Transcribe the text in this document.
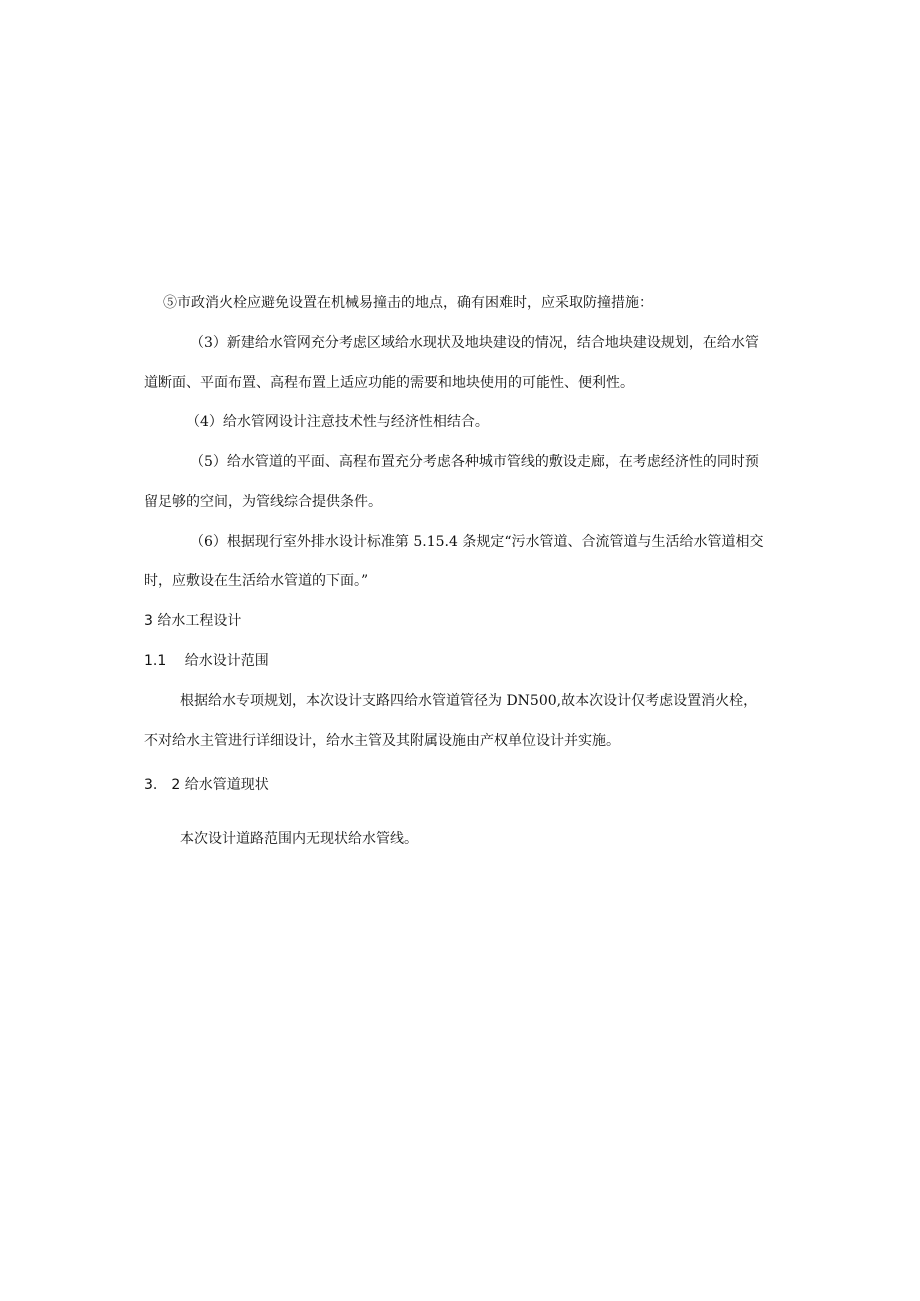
⑤市政消火栓应避免设置在机械易撞击的地点，确有困难时，应采取防撞措施：
（3）新建给水管网充分考虑区域给水现状及地块建设的情况，结合地块建设规划，在给水管
道断面、平面布置、高程布置上适应功能的需要和地块使用的可能性、便利性。
（4）给水管网设计注意技术性与经济性相结合。
（5）给水管道的平面、高程布置充分考虑各种城市管线的敷设走廊，在考虑经济性的同时预
留足够的空间，为管线综合提供条件。
（6）根据现行室外排水设计标准第 5.15.4 条规定“污水管道、合流管道与生活给水管道相交
时，应敷设在生活给水管道的下面。”
3 给水工程设计
1.1　 给水设计范围
根据给水专项规划，本次设计支路四给水管道管径为 DN500,故本次设计仅考虑设置消火栓，
不对给水主管进行详细设计，给水主管及其附属设施由产权单位设计并实施。
3.　2 给水管道现状
本次设计道路范围内无现状给水管线。
